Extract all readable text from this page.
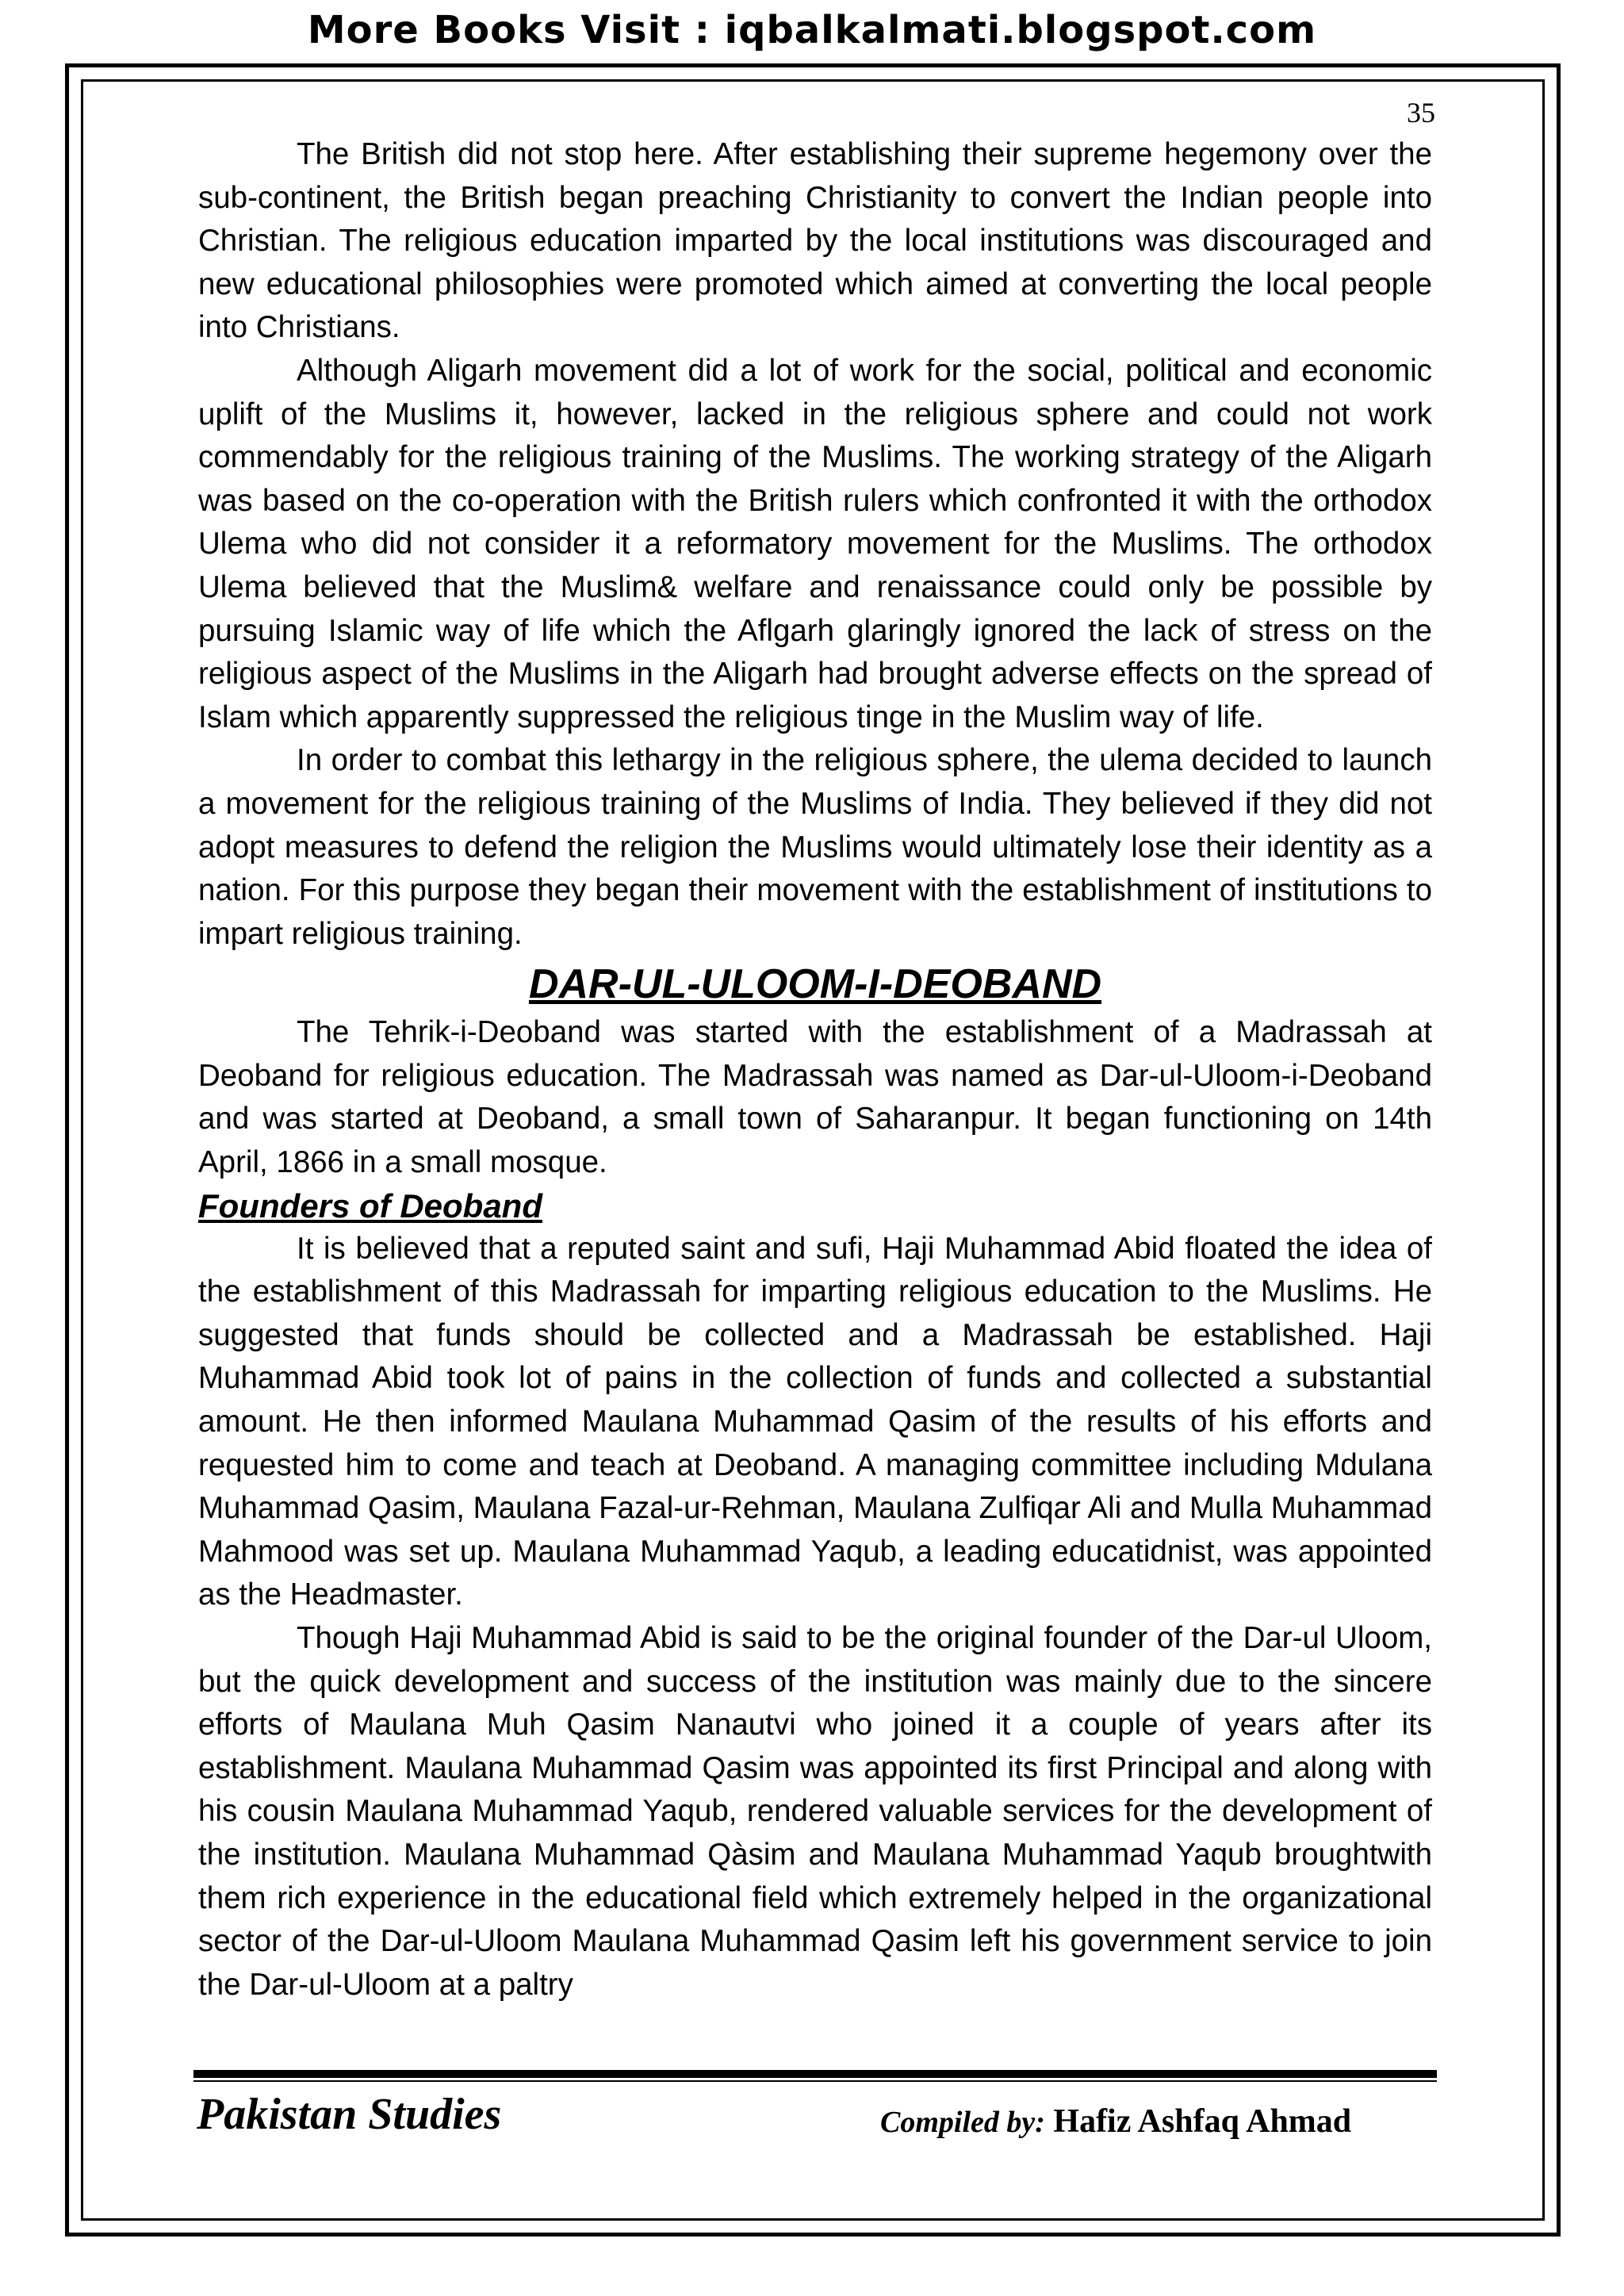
More Books Visit : iqbalkalmati.blogspot.com
35

The British did not stop here. After establishing their supreme hegemony over the sub-continent, the British began preaching Christianity to convert the Indian people into Christian. The religious education imparted by the local institutions was discouraged and new educational philosophies were promoted which aimed at converting the local people into Christians.

Although Aligarh movement did a lot of work for the social, political and economic uplift of the Muslims it, however, lacked in the religious sphere and could not work commendably for the religious training of the Muslims. The working strategy of the Aligarh was based on the co-operation with the British rulers which confronted it with the orthodox Ulema who did not consider it a reformatory movement for the Muslims. The orthodox Ulema believed that the Muslim& welfare and renaissance could only be possible by pursuing Islamic way of life which the Aflgarh glaringly ignored the lack of stress on the religious aspect of the Muslims in the Aligarh had brought adverse effects on the spread of Islam which apparently suppressed the religious tinge in the Muslim way of life.

In order to combat this lethargy in the religious sphere, the ulema decided to launch a movement for the religious training of the Muslims of India. They believed if they did not adopt measures to defend the religion the Muslims would ultimately lose their identity as a nation. For this purpose they began their movement with the establishment of institutions to impart religious training.

DAR-UL-ULOOM-I-DEOBAND

The Tehrik-i-Deoband was started with the establishment of a Madrassah at Deoband for religious education. The Madrassah was named as Dar-ul-Uloom-i-Deoband and was started at Deoband, a small town of Saharanpur. It began functioning on 14th April, 1866 in a small mosque.

Founders of Deoband

It is believed that a reputed saint and sufi, Haji Muhammad Abid floated the idea of the establishment of this Madrassah for imparting religious education to the Muslims. He suggested that funds should be collected and a Madrassah be established. Haji Muhammad Abid took lot of pains in the collection of funds and collected a substantial amount. He then informed Maulana Muhammad Qasim of the results of his efforts and requested him to come and teach at Deoband. A managing committee including Mdulana Muhammad Qasim, Maulana Fazal-ur-Rehman, Maulana Zulfiqar Ali and Mulla Muhammad Mahmood was set up. Maulana Muhammad Yaqub, a leading educatidnist, was appointed as the Headmaster.

Though Haji Muhammad Abid is said to be the original founder of the Dar-ul Uloom, but the quick development and success of the institution was mainly due to the sincere efforts of Maulana Muh Qasim Nanautvi who joined it a couple of years after its establishment. Maulana Muhammad Qasim was appointed its first Principal and along with his cousin Maulana Muhammad Yaqub, rendered valuable services for the development of the institution. Maulana Muhammad Qàsim and Maulana Muhammad Yaqub broughtwith them rich experience in the educational field which extremely helped in the organizational sector of the Dar-ul-Uloom Maulana Muhammad Qasim left his government service to join the Dar-ul-Uloom at a paltry

Pakistan Studies	Compiled by: Hafiz Ashfaq Ahmad
